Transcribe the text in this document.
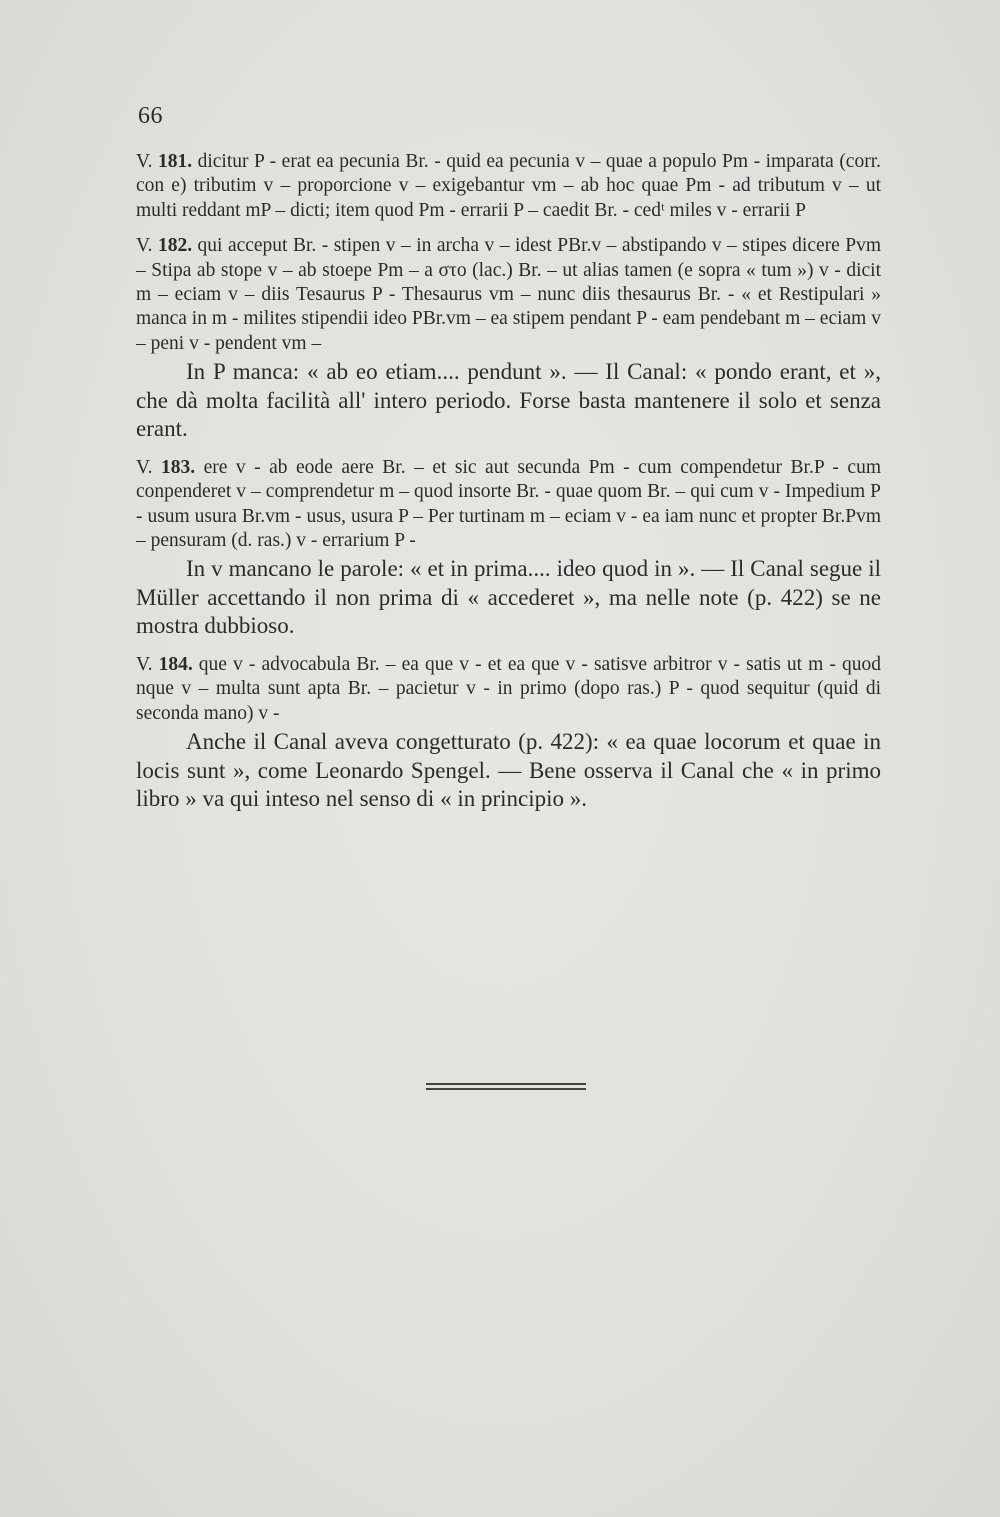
66

V. 181. dicitur P - erat ea pecunia Br. - quid ea pecunia v – quae a populo Pm - imparata (corr. con e) tributim v – proporcione v – exigebantur vm – ab hoc quae Pm - ad tributum v – ut multi reddant mP – dicti; item quod Pm - errarii P – caedit Br. - cedᵗ miles v - errarii P

V. 182. qui acceput Br. - stipen v – in archa v – idest PBr.v – abstipando v – stipes dicere Pvm – Stipa ab stope v – ab stoepe Pm – a στο (lac.) Br. – ut alias tamen (e sopra « tum ») v - dicit m – eciam v – diis Tesaurus P - Thesaurus vm – nunc diis thesaurus Br. - « et Restipulari » manca in m - milites stipendii ideo PBr.vm – ea stipem pendant P - eam pendebant m – eciam v – peni v - pendent vm –

In P manca: « ab eo etiam.... pendunt ». — Il Canal: « pondo erant, et », che dà molta facilità all' intero periodo. Forse basta mantenere il solo et senza erant.

V. 183. ere v - ab eode aere Br. – et sic aut secunda Pm - cum compendetur Br.P - cum conpenderet v – comprendetur m – quod insorte Br. - quae quom Br. – qui cum v - Impedium P - usum usura Br.vm - usus, usura P – Per turtinam m – eciam v - ea iam nunc et propter Br.Pvm – pensuram (d. ras.) v - errarium P -

In v mancano le parole: « et in prima.... ideo quod in ». — Il Canal segue il Müller accettando il non prima di « accederet », ma nelle note (p. 422) se ne mostra dubbioso.

V. 184. que v - advocabula Br. – ea que v - et ea que v - satisve arbitror v - satis ut m - quod nque v – multa sunt apta Br. – pacietur v - in primo (dopo ras.) P - quod sequitur (quid di seconda mano) v -

Anche il Canal aveva congetturato (p. 422): « ea quae locorum et quae in locis sunt », come Leonardo Spengel. — Bene osserva il Canal che « in primo libro » va qui inteso nel senso di « in principio ».
